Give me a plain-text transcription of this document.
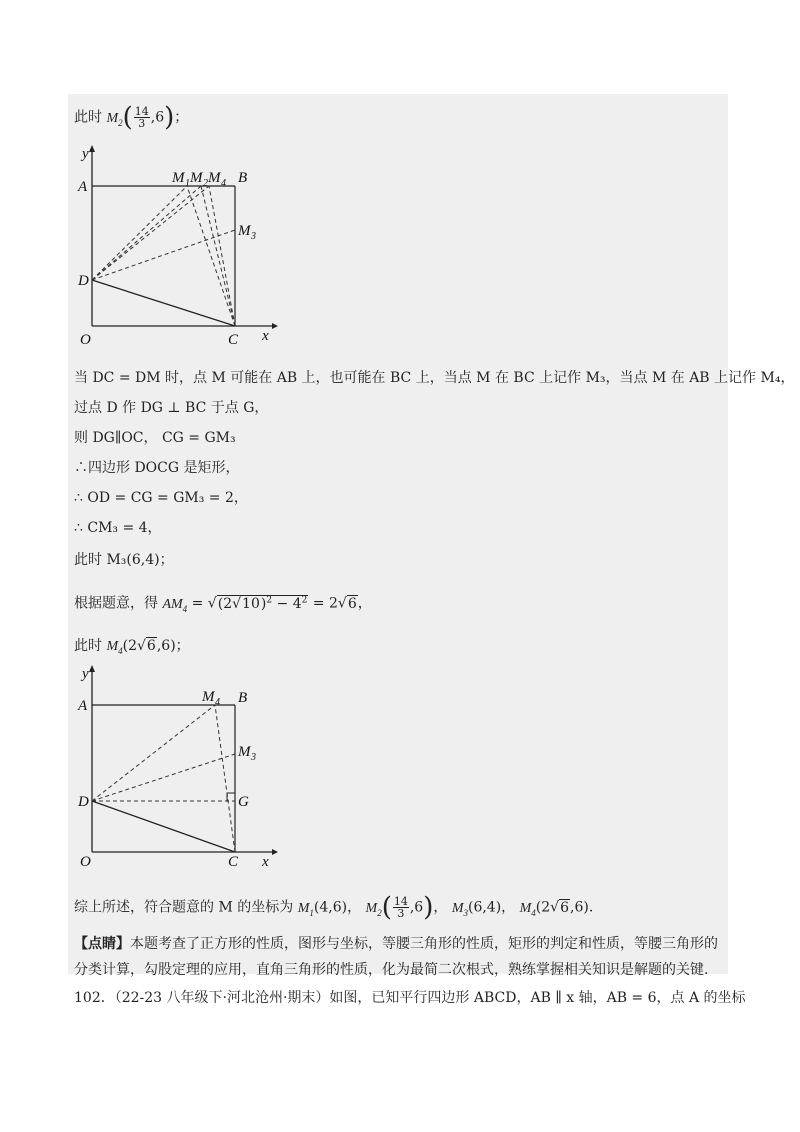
此时 $M_2( \frac{14}{3} ,6)$；
y
x
A
B
D
O	C
M 1 M 2 M 4
M 3
当 DC = DM 时，点 M 可能在 AB 上，也可能在 BC 上，当点 M 在 BC 上记作 M₃，当点 M 在 AB 上记作 M₄，
过点 D 作 DG ⊥ BC 于点 G，
则 DG∥OC， CG = GM₃
∴四边形 DOCG 是矩形，
∴ OD = CG = GM₃ = 2，
∴ CM₃ = 4，
此时 M₃(6,4)；
根据题意，得 $AM_4 = √(2√10)^2 - 4^2 = 2√6$，
此时 $M_4(2√6,6)$；
y
x
A	B
D
O	C
M 4
M 3
G
综上所述，符合题意的 M 的坐标为 $M_1(4,6)$， $M_2( \frac{14}{3} ,6)$， $M_3(6,4)$， $M_4(2√6,6)$.
【点睛】本题考查了正方形的性质，图形与坐标，等腰三角形的性质，矩形的判定和性质，等腰三角形的
分类计算，勾股定理的应用，直角三角形的性质，化为最简二次根式，熟练掌握相关知识是解题的关键.
102．（22-23 八年级下·河北沧州·期末）如图，已知平行四边形 ABCD，AB ∥ x 轴，AB = 6，点 A 的坐标
